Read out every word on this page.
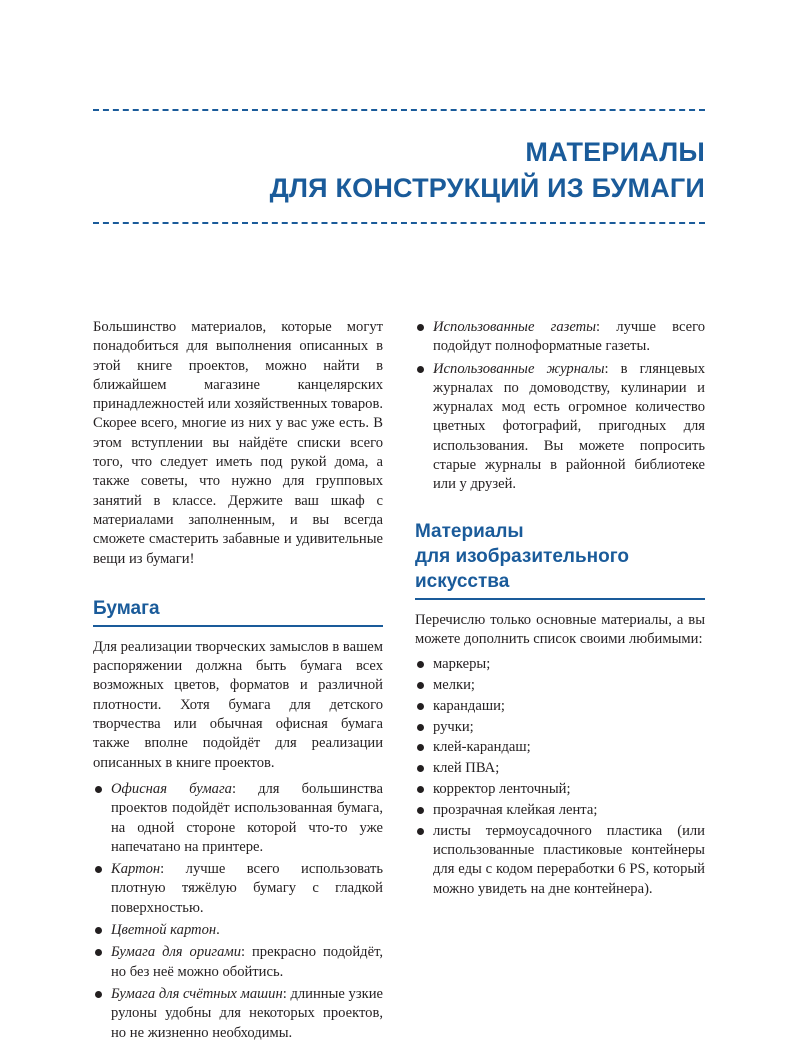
МАТЕРИАЛЫ
ДЛЯ КОНСТРУКЦИЙ ИЗ БУМАГИ

Большинство материалов, которые могут понадобиться для выполнения описанных в этой книге проектов, можно найти в ближайшем магазине канцелярских принадлежностей или хозяйственных товаров. Скорее всего, многие из них у вас уже есть. В этом вступлении вы найдёте списки всего того, что следует иметь под рукой дома, а также советы, что нужно для групповых занятий в классе. Держите ваш шкаф с материалами заполненным, и вы всегда сможете смастерить забавные и удивительные вещи из бумаги!

Бумага

Для реализации творческих замыслов в вашем распоряжении должна быть бумага всех возможных цветов, форматов и различной плотности. Хотя бумага для детского творчества или обычная офисная бумага также вполне подойдёт для реализации описанных в книге проектов.

Офисная бумага: для большинства проектов подойдёт использованная бумага, на одной стороне которой что-то уже напечатано на принтере.
Картон: лучше всего использовать плотную тяжёлую бумагу с гладкой поверхностью.
Цветной картон.
Бумага для оригами: прекрасно подойдёт, но без неё можно обойтись.
Бумага для счётных машин: длинные узкие рулоны удобны для некоторых проектов, но не жизненно необходимы.
Использованные газеты: лучше всего подойдут полноформатные газеты.
Использованные журналы: в глянцевых журналах по домоводству, кулинарии и журналах мод есть огромное количество цветных фотографий, пригодных для использования. Вы можете попросить старые журналы в районной библиотеке или у друзей.
Материалы
для изобразительного
искусства

Перечислю только основные материалы, а вы можете дополнить список своими любимыми:

маркеры;
мелки;
карандаши;
ручки;
клей-карандаш;
клей ПВА;
корректор ленточный;
прозрачная клейкая лента;
листы термоусадочного пластика (или использованные пластиковые контейнеры для еды с кодом переработки 6 PS, который можно увидеть на дне контейнера).
